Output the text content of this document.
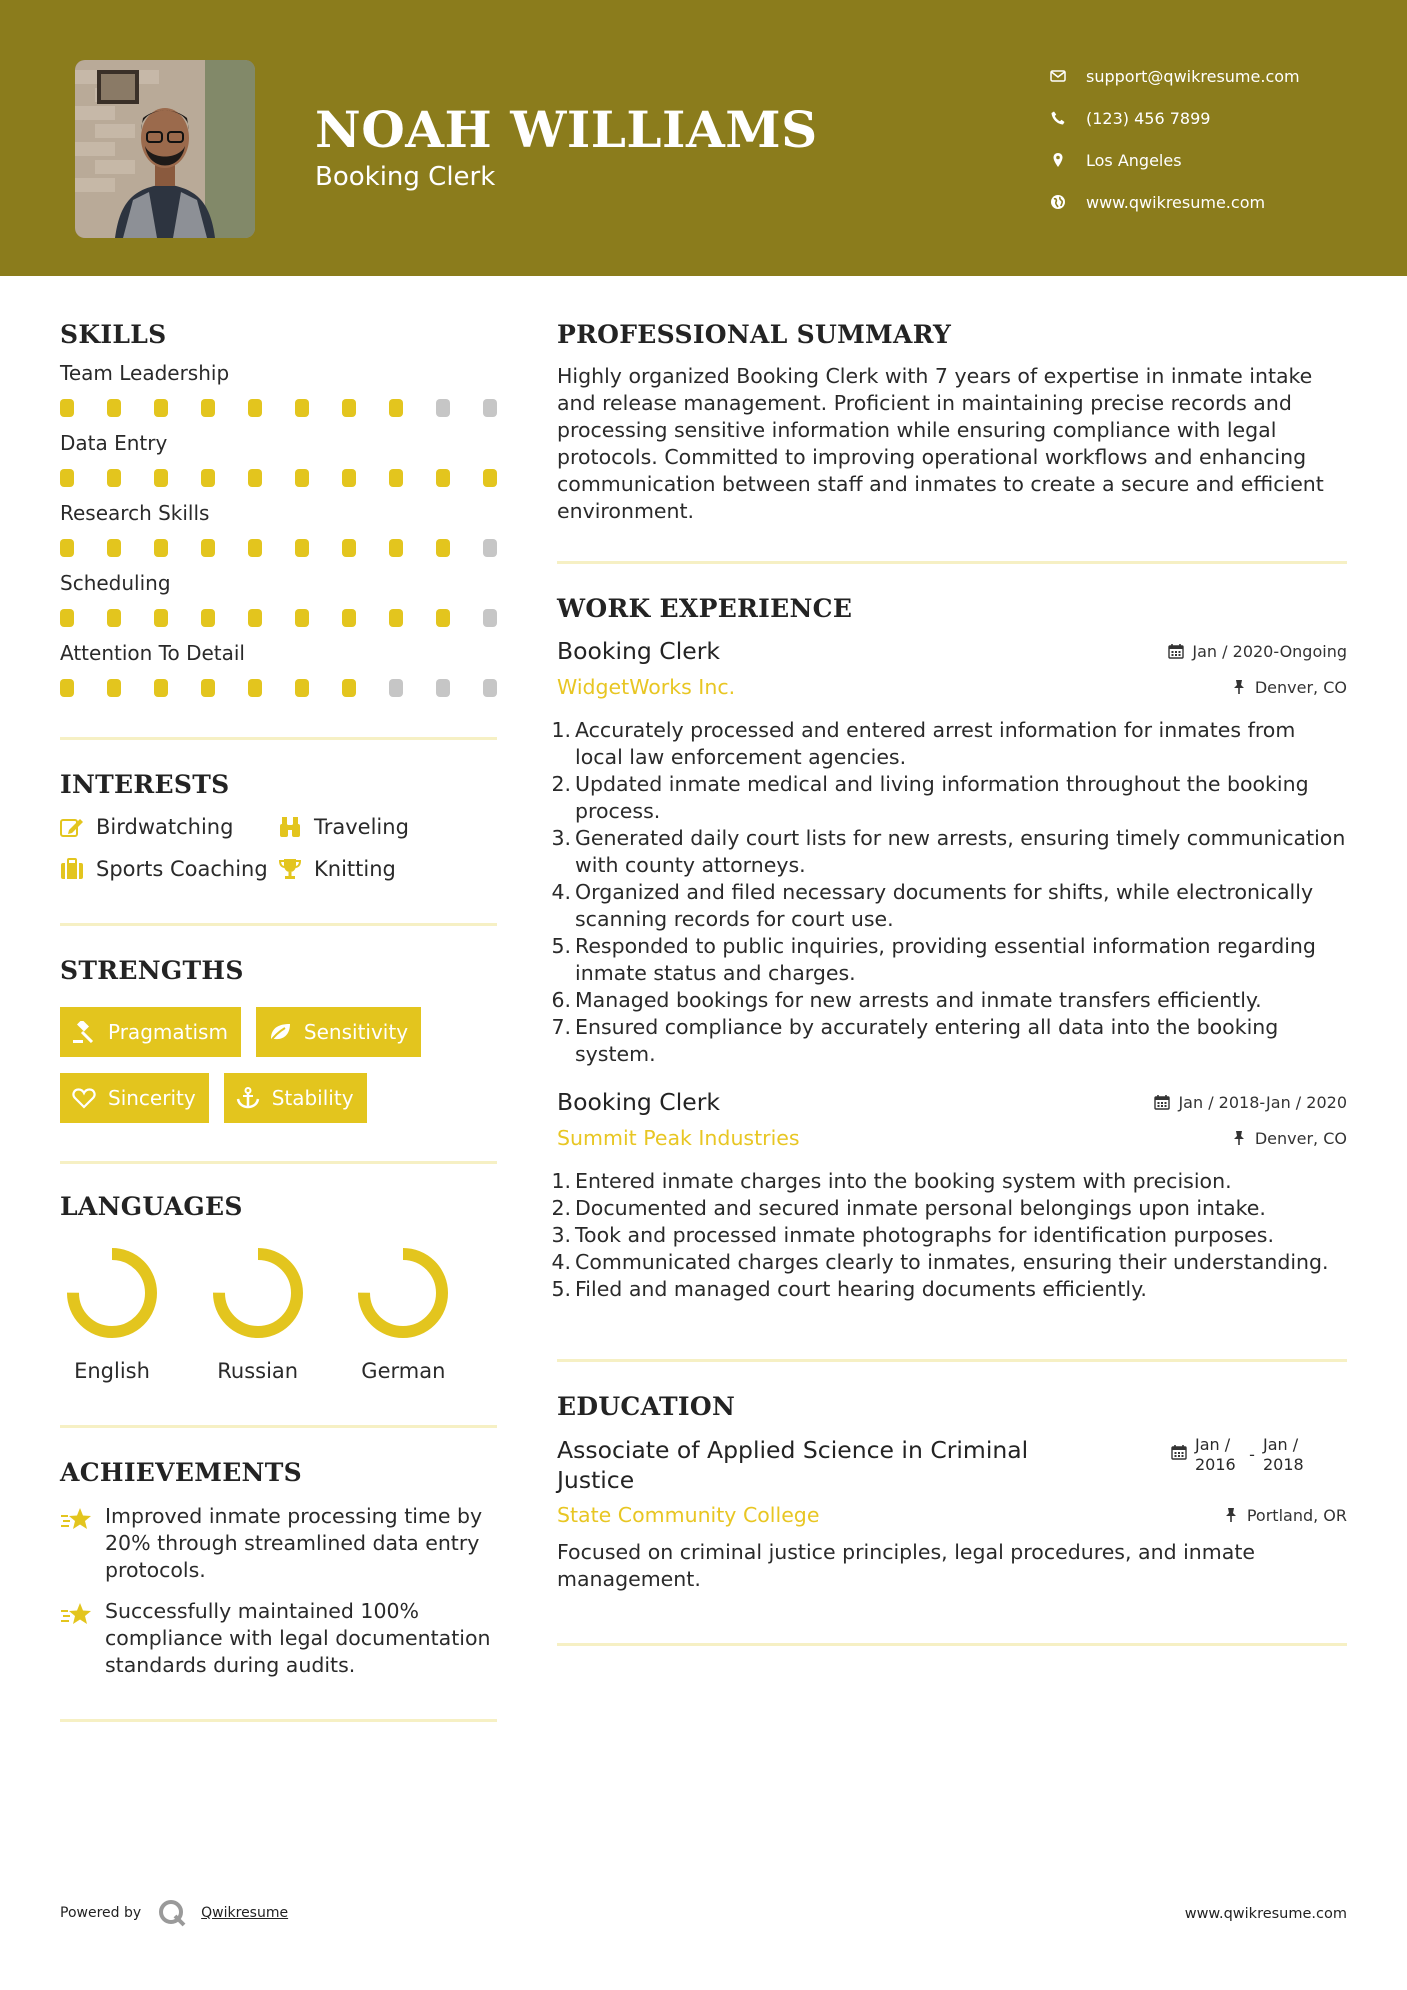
NOAH WILLIAMS
Booking Clerk
support@qwikresume.com
(123) 456 7899
Los Angeles
www.qwikresume.com
SKILLS
Team Leadership
Data Entry
Research Skills
Scheduling
Attention To Detail
INTERESTS
Birdwatching	Traveling
Sports Coaching Knitting
STRENGTHS
Pragmatism	Sensitivity
Sincerity	Stability
LANGUAGES
English	Russian	German
ACHIEVEMENTS
Improved inmate processing time by 20% through streamlined data entry protocols.
Successfully maintained 100% compliance with legal documentation standards during audits.
PROFESSIONAL SUMMARY
Highly organized Booking Clerk with 7 years of expertise in inmate intake and release management. Proficient in maintaining precise records and processing sensitive information while ensuring compliance with legal protocols. Committed to improving operational workflows and enhancing communication between staff and inmates to create a secure and efficient environment.
WORK EXPERIENCE
Booking Clerk	Jan / 2020-Ongoing
WidgetWorks Inc.	Denver, CO
1. Accurately processed and entered arrest information for inmates from local law enforcement agencies.
2. Updated inmate medical and living information throughout the booking process.
3. Generated daily court lists for new arrests, ensuring timely communication with county attorneys.
4. Organized and filed necessary documents for shifts, while electronically scanning records for court use.
5. Responded to public inquiries, providing essential information regarding inmate status and charges.
6. Managed bookings for new arrests and inmate transfers efficiently.
7. Ensured compliance by accurately entering all data into the booking system.
Booking Clerk	Jan / 2018-Jan / 2020
Summit Peak Industries	Denver, CO
1. Entered inmate charges into the booking system with precision.
2. Documented and secured inmate personal belongings upon intake.
3. Took and processed inmate photographs for identification purposes.
4. Communicated charges clearly to inmates, ensuring their understanding.
5. Filed and managed court hearing documents efficiently.
EDUCATION
Associate of Applied Science in Criminal Justice
Jan /
2016
-
Jan /
2018
State Community College	Portland, OR
Focused on criminal justice principles, legal procedures, and inmate management.
Powered by	Qwikresume	www.qwikresume.com
